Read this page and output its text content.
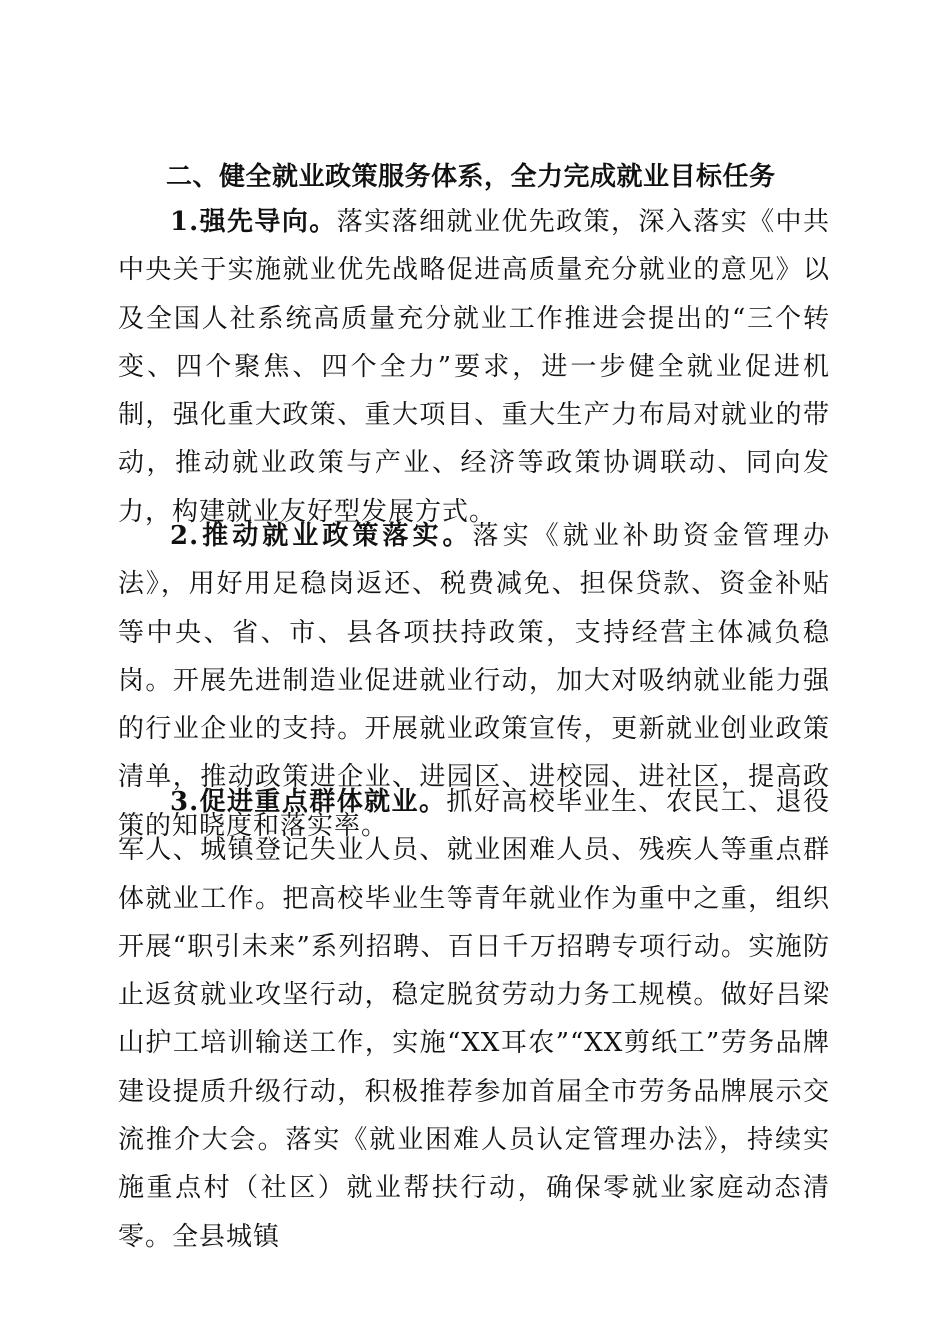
二、健全就业政策服务体系，全力完成就业目标任务

1.强先导向。落实落细就业优先政策，深入落实《中共中央关于实施就业优先战略促进高质量充分就业的意见》以及全国人社系统高质量充分就业工作推进会提出的“三个转变、四个聚焦、四个全力”要求，进一步健全就业促进机制，强化重大政策、重大项目、重大生产力布局对就业的带动，推动就业政策与产业、经济等政策协调联动、同向发力，构建就业友好型发展方式。

2.推动就业政策落实。落实《就业补助资金管理办法》，用好用足稳岗返还、税费减免、担保贷款、资金补贴等中央、省、市、县各项扶持政策，支持经营主体减负稳岗。开展先进制造业促进就业行动，加大对吸纳就业能力强的行业企业的支持。开展就业政策宣传，更新就业创业政策清单，推动政策进企业、进园区、进校园、进社区，提高政策的知晓度和落实率。

3.促进重点群体就业。抓好高校毕业生、农民工、退役军人、城镇登记失业人员、就业困难人员、残疾人等重点群体就业工作。把高校毕业生等青年就业作为重中之重，组织开展“职引未来”系列招聘、百日千万招聘专项行动。实施防止返贫就业攻坚行动，稳定脱贫劳动力务工规模。做好吕梁山护工培训输送工作，实施“XX耳农”“XX剪纸工”劳务品牌建设提质升级行动，积极推荐参加首届全市劳务品牌展示交流推介大会。落实《就业困难人员认定管理办法》，持续实施重点村（社区）就业帮扶行动，确保零就业家庭动态清零。全县城镇
